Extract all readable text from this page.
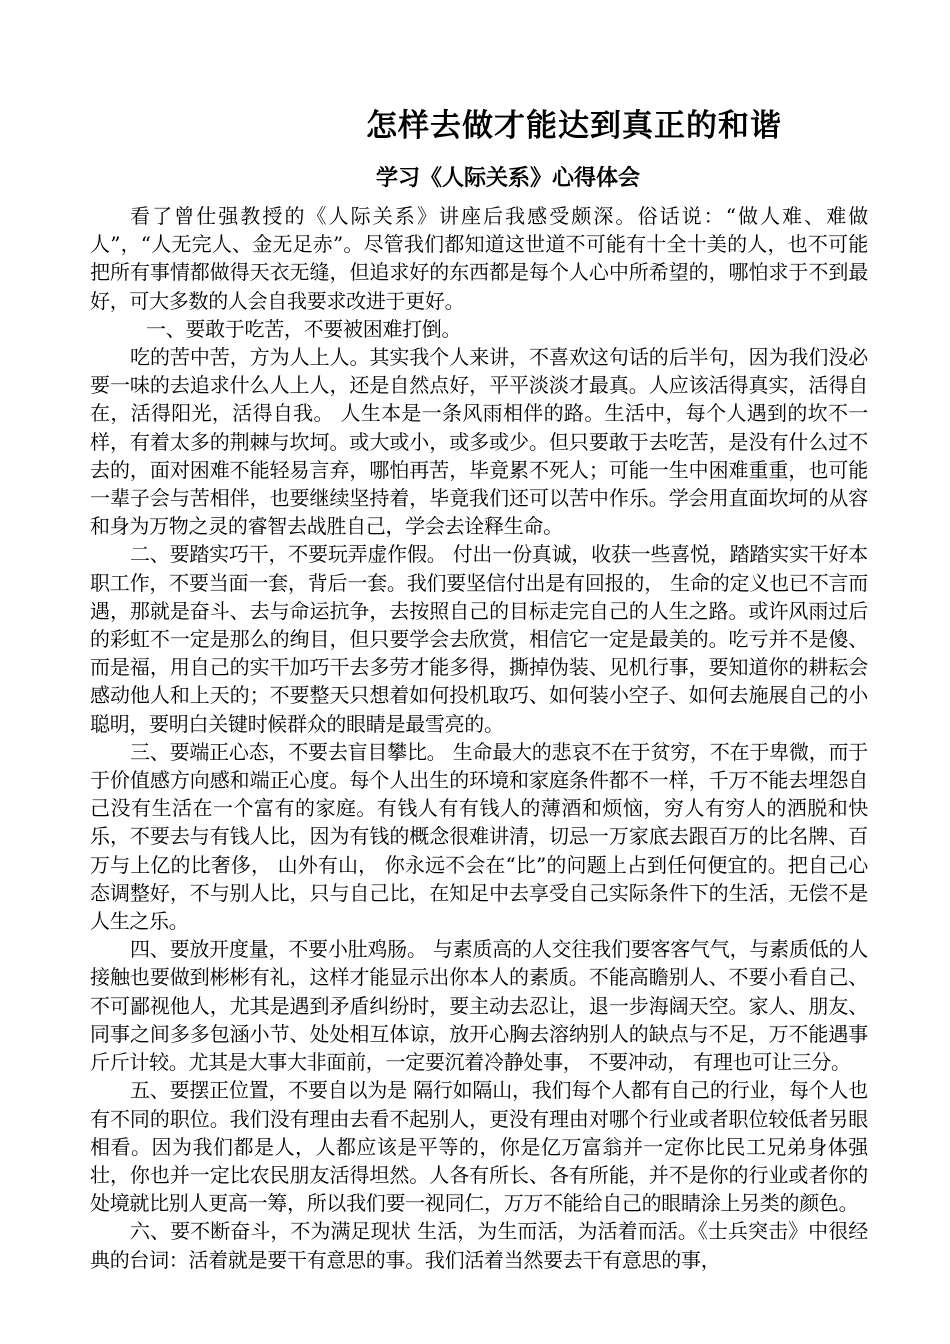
怎样去做才能达到真正的和谐
学习《人际关系》心得体会

看了曾仕强教授的《人际关系》讲座后我感受颇深。俗话说：“做人难、难做人”，“人无完人、金无足赤”。尽管我们都知道这世道不可能有十全十美的人，也不可能把所有事情都做得天衣无缝，但追求好的东西都是每个人心中所希望的，哪怕求于不到最好，可大多数的人会自我要求改进于更好。

一、要敢于吃苦，不要被困难打倒。

吃的苦中苦，方为人上人。其实我个人来讲，不喜欢这句话的后半句，因为我们没必要一味的去追求什么人上人，还是自然点好，平平淡淡才最真。人应该活得真实，活得自在，活得阳光，活得自我。 人生本是一条风雨相伴的路。生活中，每个人遇到的坎不一样，有着太多的荆棘与坎坷。或大或小，或多或少。但只要敢于去吃苦，是没有什么过不去的，面对困难不能轻易言弃，哪怕再苦，毕竟累不死人；可能一生中困难重重，也可能一辈子会与苦相伴，也要继续坚持着，毕竟我们还可以苦中作乐。学会用直面坎坷的从容和身为万物之灵的睿智去战胜自己，学会去诠释生命。

二、要踏实巧干，不要玩弄虚作假。 付出一份真诚，收获一些喜悦，踏踏实实干好本职工作，不要当面一套，背后一套。我们要坚信付出是有回报的， 生命的定义也已不言而遇，那就是奋斗、去与命运抗争，去按照自己的目标走完自己的人生之路。或许风雨过后的彩虹不一定是那么的绚目，但只要学会去欣赏，相信它一定是最美的。吃亏并不是傻、而是福，用自己的实干加巧干去多劳才能多得，撕掉伪装、见机行事，要知道你的耕耘会感动他人和上天的；不要整天只想着如何投机取巧、如何装小空子、如何去施展自己的小聪明，要明白关键时候群众的眼睛是最雪亮的。

三、要端正心态，不要去盲目攀比。 生命最大的悲哀不在于贫穷，不在于卑微，而于于价值感方向感和端正心度。每个人出生的环境和家庭条件都不一样，千万不能去埋怨自己没有生活在一个富有的家庭。有钱人有有钱人的薄酒和烦恼，穷人有穷人的洒脱和快乐，不要去与有钱人比，因为有钱的概念很难讲清，切忌一万家底去跟百万的比名牌、百万与上亿的比奢侈， 山外有山， 你永远不会在“比”的问题上占到任何便宜的。把自己心态调整好，不与别人比，只与自己比，在知足中去享受自己实际条件下的生活，无偿不是人生之乐。

四、要放开度量，不要小肚鸡肠。 与素质高的人交往我们要客客气气，与素质低的人接触也要做到彬彬有礼，这样才能显示出你本人的素质。不能高瞻别人、不要小看自己、不可鄙视他人，尤其是遇到矛盾纠纷时，要主动去忍让，退一步海阔天空。家人、朋友、同事之间多多包涵小节、处处相互体谅，放开心胸去溶纳别人的缺点与不足，万不能遇事斤斤计较。尤其是大事大非面前，一定要沉着冷静处事， 不要冲动， 有理也可让三分。

五、要摆正位置，不要自以为是 隔行如隔山，我们每个人都有自己的行业，每个人也有不同的职位。我们没有理由去看不起别人，更没有理由对哪个行业或者职位较低者另眼相看。因为我们都是人，人都应该是平等的，你是亿万富翁并一定你比民工兄弟身体强壮，你也并一定比农民朋友活得坦然。人各有所长、各有所能，并不是你的行业或者你的处境就比别人更高一筹，所以我们要一视同仁，万万不能给自己的眼睛涂上另类的颜色。

六、要不断奋斗，不为满足现状 生活，为生而活，为活着而活。《士兵突击》中很经典的台词：活着就是要干有意思的事。我们活着当然要去干有意思的事，
